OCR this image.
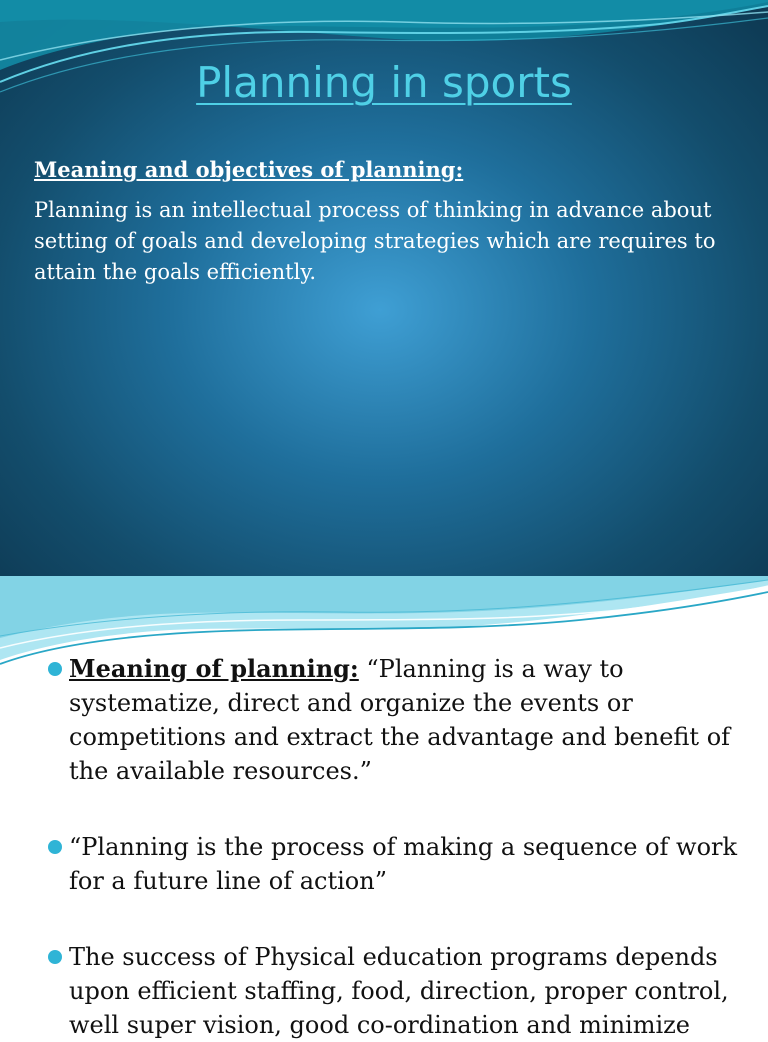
Planning in sports
Meaning and objectives of planning:

Planning is an intellectual process of thinking in advance about setting of goals and developing strategies which are requires to attain the goals efficiently.

Meaning of planning: “Planning is a way to systematize, direct and organize the events or competitions and extract the advantage and benefit of the available resources.”
“Planning is the process of making a sequence of work for a future line of action”
The success of Physical education programs depends upon efficient staffing, food, direction, proper control, well super vision, good co-ordination and minimize
